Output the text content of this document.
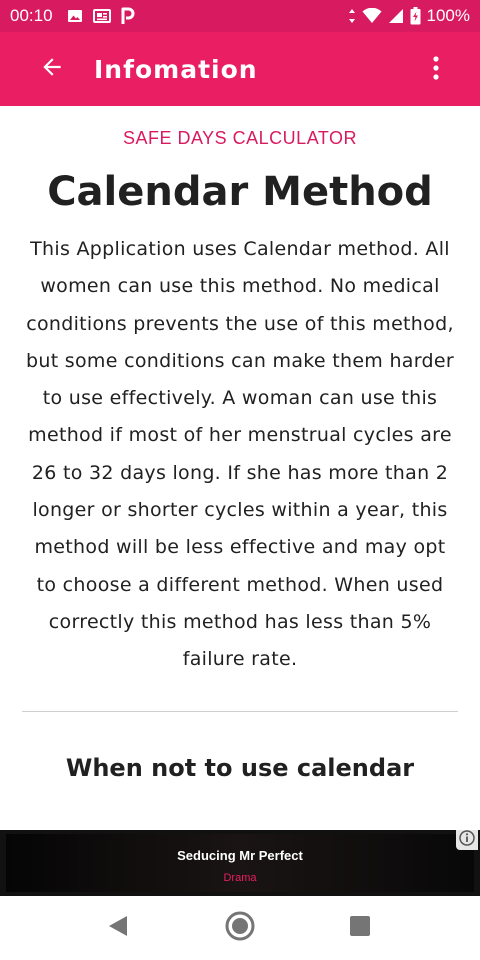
00:10	100%
Infomation
SAFE DAYS CALCULATOR
Calendar Method
This Application uses Calendar method. All women can use this method. No medical conditions prevents the use of this method, but some conditions can make them harder to use effectively. A woman can use this method if most of her menstrual cycles are 26 to 32 days long. If she has more than 2 longer or shorter cycles within a year, this method will be less effective and may opt to choose a different method. When used correctly this method has less than 5% failure rate.
When not to use calendar
Seducing Mr Perfect
Drama
